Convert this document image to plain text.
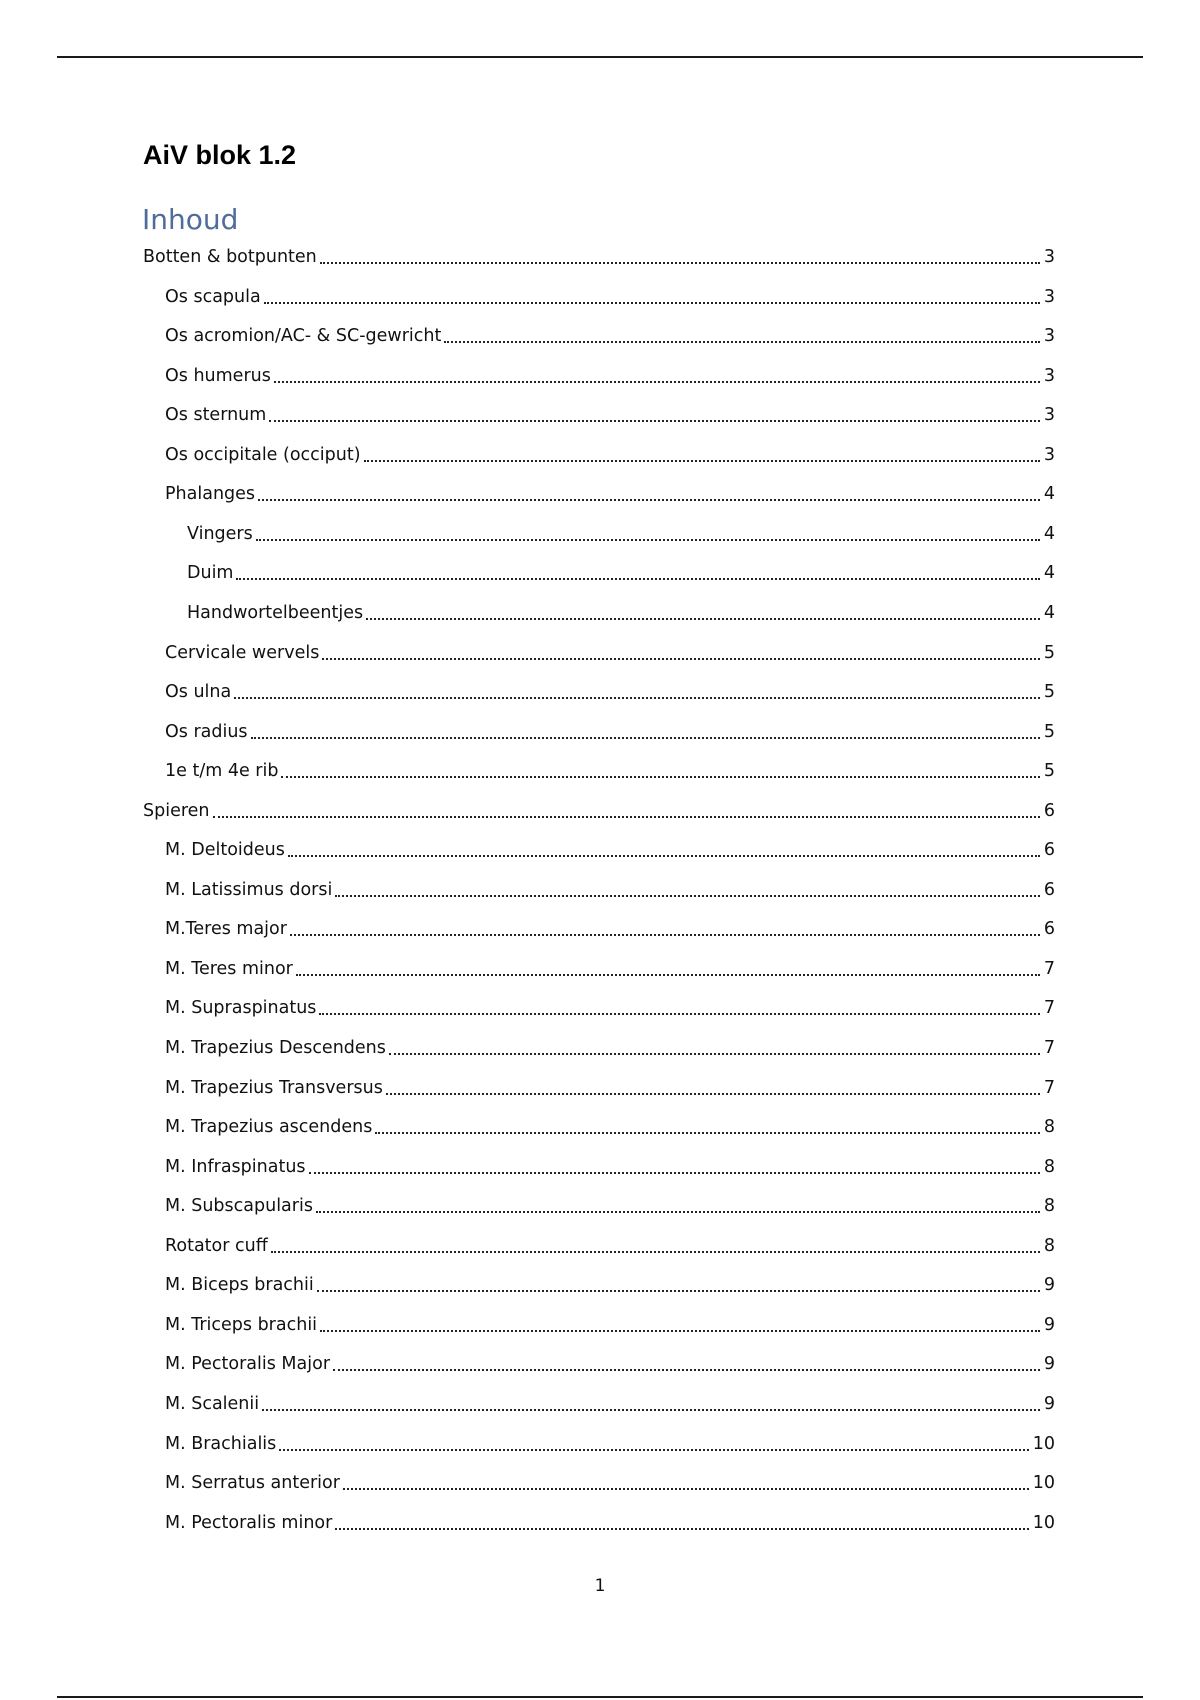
AiV blok 1.2
Inhoud
Botten & botpunten	3
Os scapula	3
Os acromion/AC- & SC-gewricht	3
Os humerus	3
Os sternum	3
Os occipitale (occiput)	3
Phalanges	4
Vingers	4
Duim	4
Handwortelbeentjes	4
Cervicale wervels	5
Os ulna	5
Os radius	5
1e t/m 4e rib	5
Spieren	6
M. Deltoideus	6
M. Latissimus dorsi	6
M.Teres major	6
M. Teres minor	7
M. Supraspinatus	7
M. Trapezius Descendens	7
M. Trapezius Transversus	7
M. Trapezius ascendens	8
M. Infraspinatus	8
M. Subscapularis	8
Rotator cuff	8
M. Biceps brachii	9
M. Triceps brachii	9
M. Pectoralis Major	9
M. Scalenii	9
M. Brachialis	10
M. Serratus anterior	10
M. Pectoralis minor	10
1
